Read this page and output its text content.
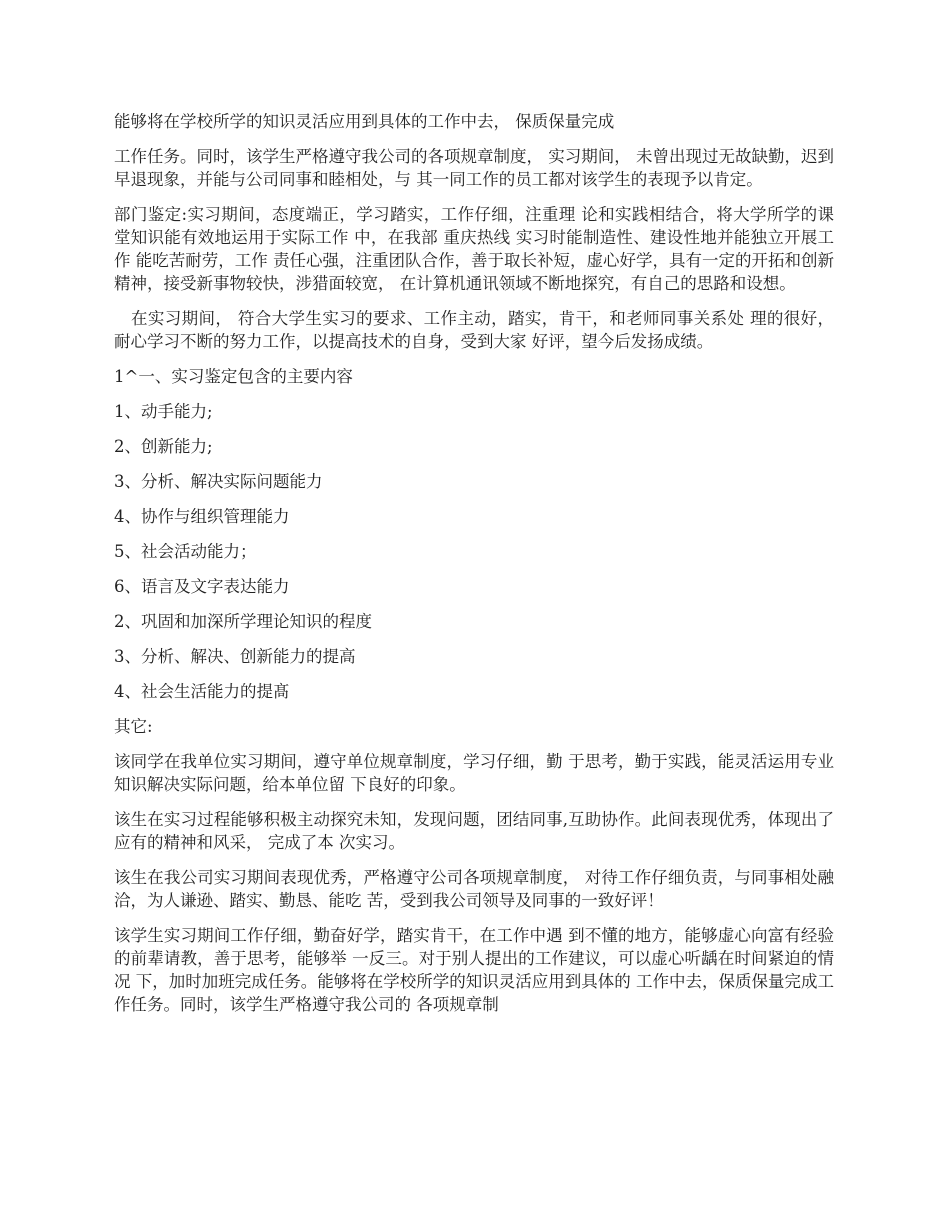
能够将在学校所学的知识灵活应用到具体的工作中去， 保质保量完成

工作任务。同时，该学生严格遵守我公司的各项规章制度， 实习期间， 未曾出现过无故缺勤，迟到早退现象，并能与公司同事和睦相处，与 其一同工作的员工都对该学生的表现予以肯定。

部门鉴定:实习期间，态度端正，学习踏实，工作仔细，注重理 论和实践相结合，将大学所学的课堂知识能有效地运用于实际工作 中，在我部 重庆热线 实习时能制造性、建设性地并能独立开展工作 能吃苦耐劳，工作 责任心强，注重团队合作，善于取长补短，虚心好学，具有一定的开拓和创新精神，接受新事物较快，涉猎面较宽， 在计算机通讯领域不断地探究，有自己的思路和设想。

在实习期间， 符合大学生实习的要求、工作主动，踏实，肯干，和老师同事关系处 理的很好，耐心学习不断的努力工作，以提高技术的自身，受到大家 好评，望今后发扬成绩。

1^一、实习鉴定包含的主要内容

1、动手能力;

2、创新能力;

3、分析、解决实际问题能力

4、协作与组织管理能力

5、社会活动能力；

6、语言及文字表达能力

2、巩固和加深所学理论知识的程度

3、分析、解决、创新能力的提高

4、社会生活能力的提髙

其它:

该同学在我单位实习期间，遵守单位规章制度，学习仔细，勤 于思考，勤于实践，能灵活运用专业知识解决实际问题，给本单位留 下良好的印象。

该生在实习过程能够积极主动探究未知，发现问题，团结同事,互助协作。此间表现优秀，体现出了应有的精神和风采， 完成了本 次实习。

该生在我公司实习期间表现优秀，严格遵守公司各项规章制度， 对待工作仔细负责，与同事相处融洽，为人谦逊、踏实、勤恳、能吃 苦，受到我公司领导及同事的一致好评！

该学生实习期间工作仔细，勤奋好学，踏实肯干，在工作中遇 到不懂的地方，能够虚心向富有经验的前辈请教，善于思考，能够举 一反三。对于别人提出的工作建议，可以虚心听龋在时间紧迫的情况 下，加时加班完成任务。能够将在学校所学的知识灵活应用到具体的 工作中去，保质保量完成工作任务。同时，该学生严格遵守我公司的 各项规章制
